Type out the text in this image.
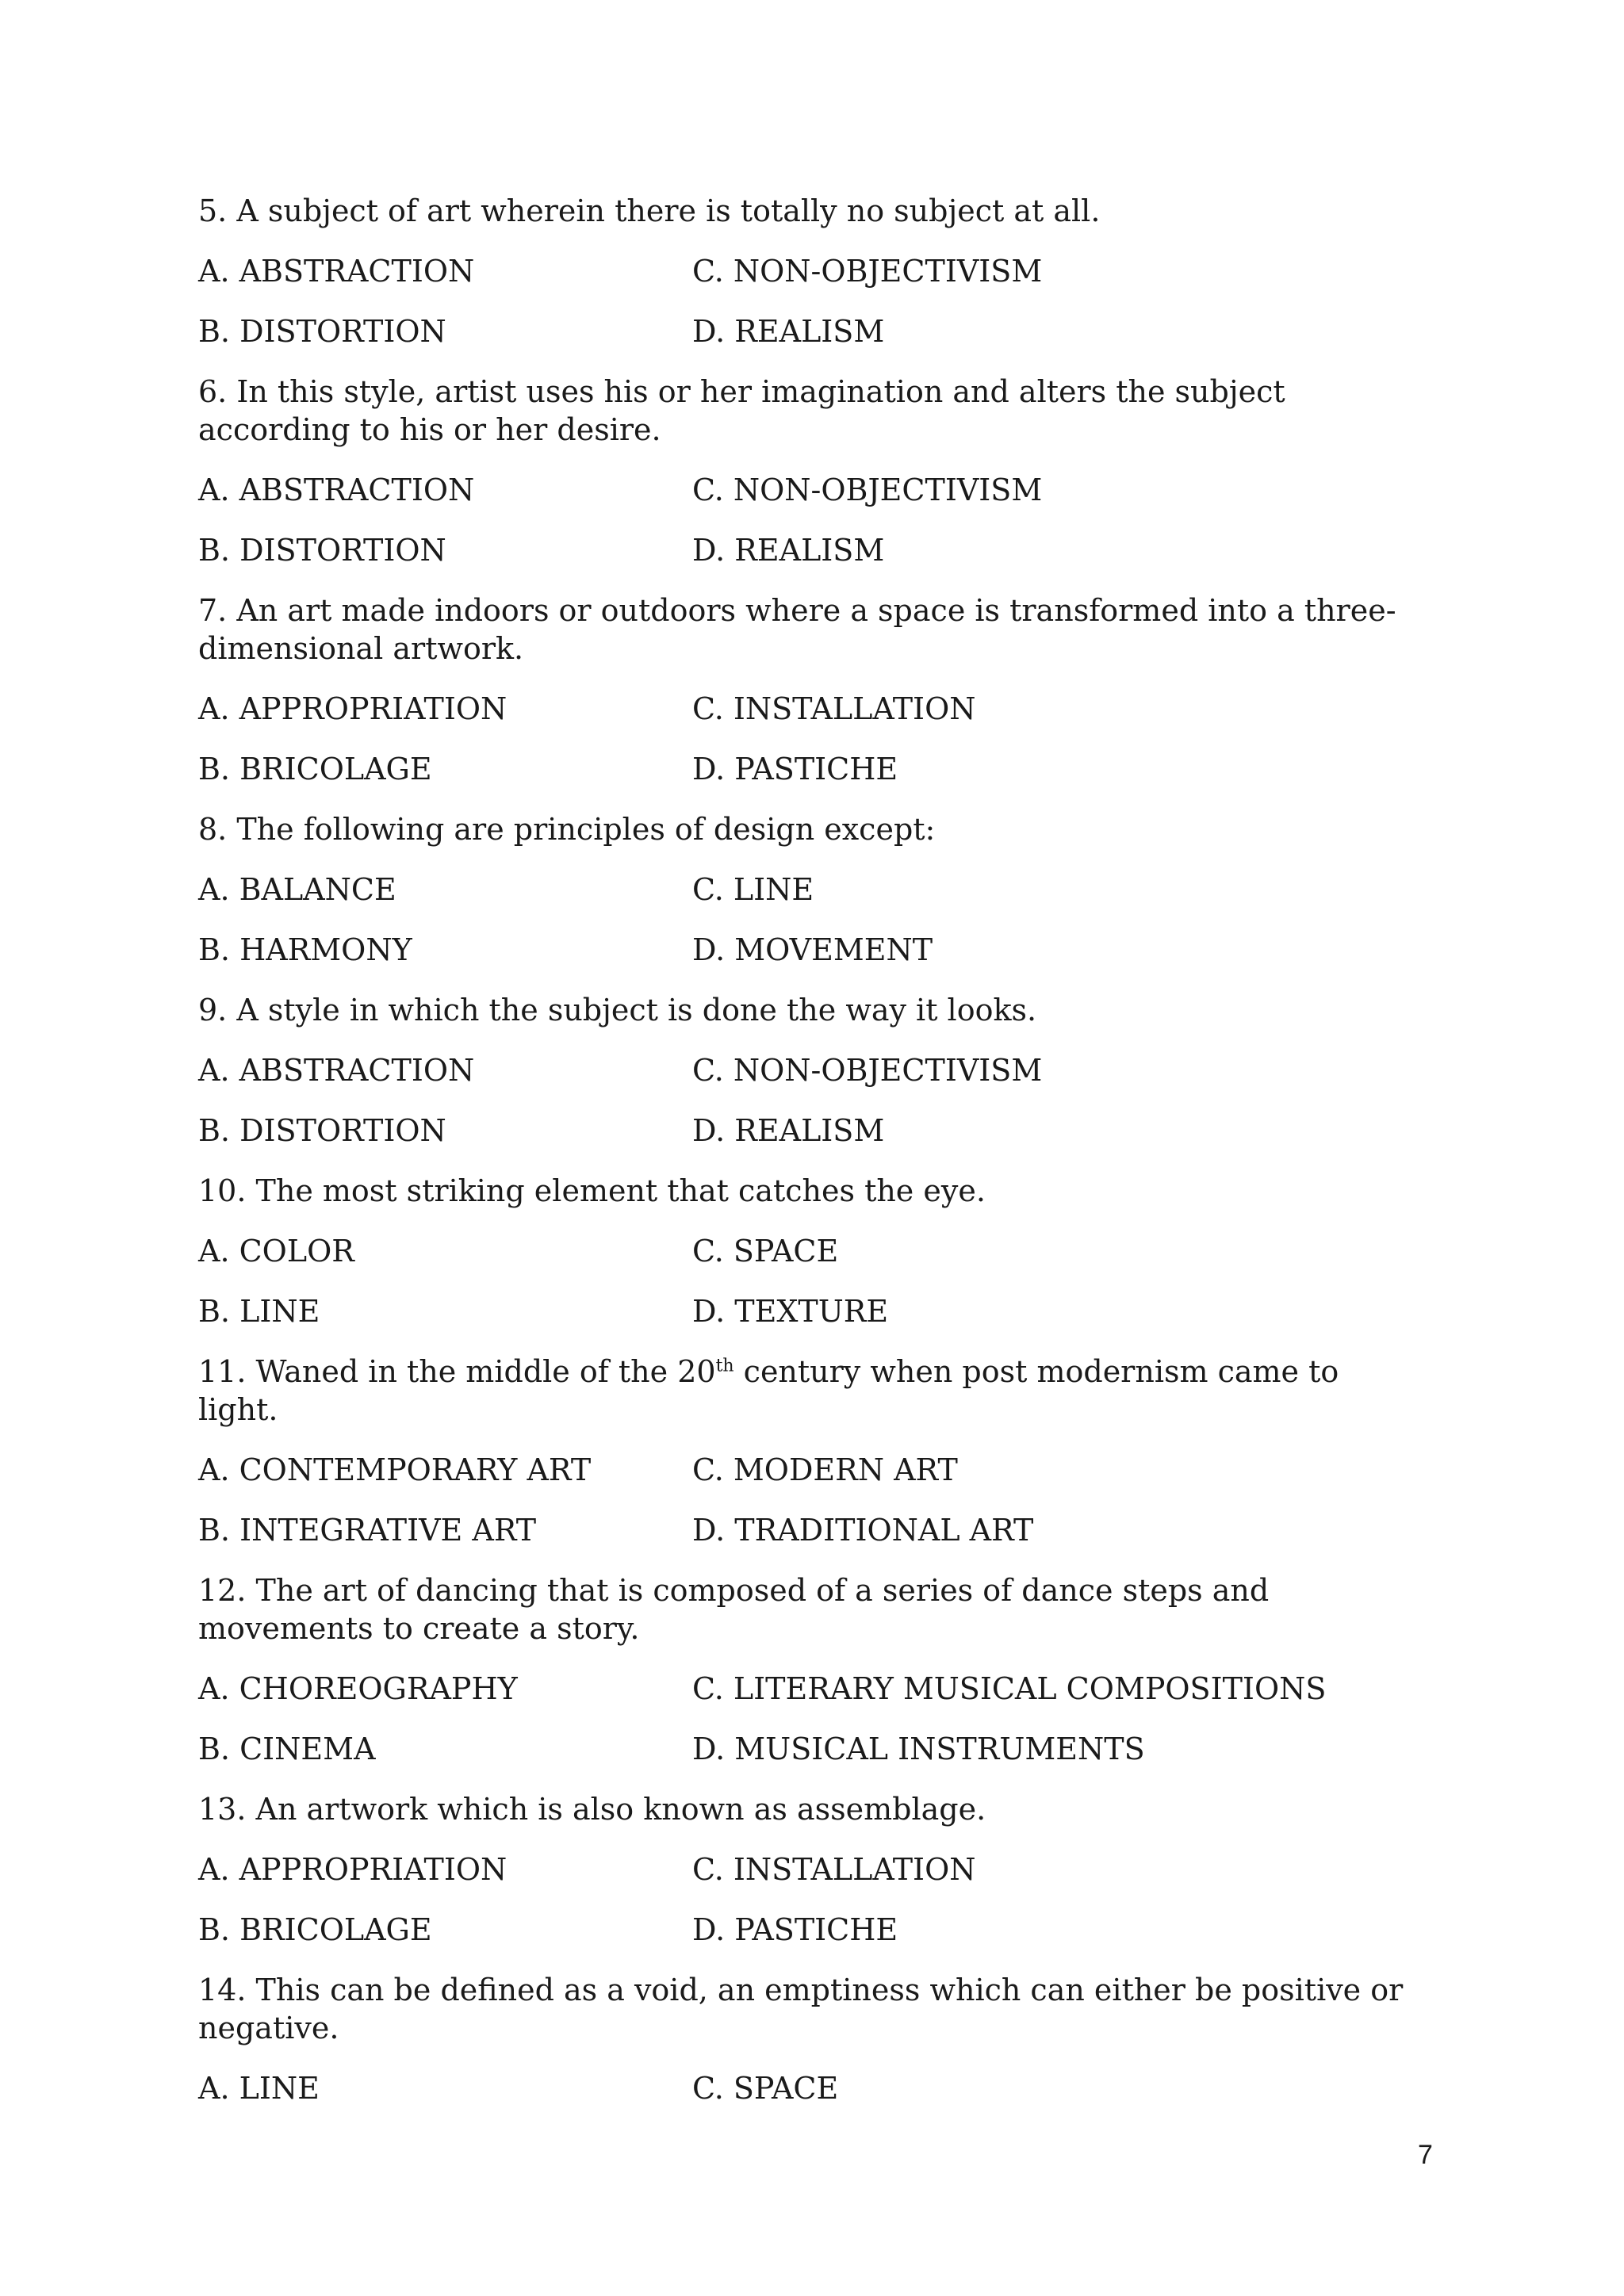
5. A subject of art wherein there is totally no subject at all.

A. ABSTRACTION	C. NON-OBJECTIVISM
B. DISTORTION	D. REALISM

6. In this style, artist uses his or her imagination and alters the subject according to his or her desire.

A. ABSTRACTION	C. NON-OBJECTIVISM
B. DISTORTION	D. REALISM

7. An art made indoors or outdoors where a space is transformed into a three-dimensional artwork.

A. APPROPRIATION	C. INSTALLATION
B. BRICOLAGE	D. PASTICHE

8. The following are principles of design except:

A. BALANCE	C. LINE
B. HARMONY	D. MOVEMENT

9. A style in which the subject is done the way it looks.

A. ABSTRACTION	C. NON-OBJECTIVISM
B. DISTORTION	D. REALISM

10. The most striking element that catches the eye.

A. COLOR	C. SPACE
B. LINE	D. TEXTURE

11. Waned in the middle of the 20th century when post modernism came to light.

A. CONTEMPORARY ART	C. MODERN ART
B. INTEGRATIVE ART	D. TRADITIONAL ART

12. The art of dancing that is composed of a series of dance steps and movements to create a story.

A. CHOREOGRAPHY	C. LITERARY MUSICAL COMPOSITIONS
B. CINEMA	D. MUSICAL INSTRUMENTS

13. An artwork which is also known as assemblage.

A. APPROPRIATION	C. INSTALLATION
B. BRICOLAGE	D. PASTICHE

14. This can be defined as a void, an emptiness which can either be positive or negative.

A. LINE	C. SPACE
7
